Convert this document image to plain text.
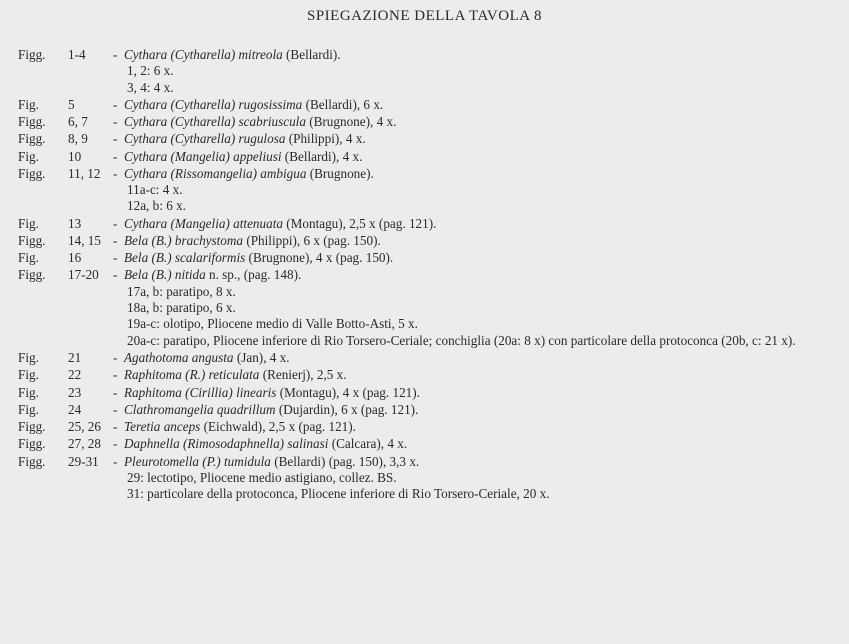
SPIEGAZIONE DELLA TAVOLA 8
Figg. 1-4 - Cythara (Cytharella) mitreola (Bellardi).
1, 2: 6 x.
3, 4: 4 x.
Fig. 5	- Cythara (Cytharella) rugosissima (Bellardi), 6 x.
Figg. 6, 7 - Cythara (Cytharella) scabriuscula (Brugnone), 4 x.
Figg. 8, 9 - Cythara (Cytharella) rugulosa (Philippi), 4 x.
Fig. 10 - Cythara (Mangelia) appeliusi (Bellardi), 4 x.
Figg. 11, 12 - Cythara (Rissomangelia) ambigua (Brugnone).
11a-c: 4 x.
12a, b: 6 x.
Fig. 13 - Cythara (Mangelia) attenuata (Montagu), 2,5 x (pag. 121).
Figg. 14, 15 - Bela (B.) brachystoma (Philippi), 6 x (pag. 150).
Fig. 16 - Bela (B.) scalariformis (Brugnone), 4 x (pag. 150).
Figg. 17-20 - Bela (B.) nitida n. sp., (pag. 148).
17a, b: paratipo, 8 x.
18a, b: paratipo, 6 x.
19a-c: olotipo, Pliocene medio di Valle Botto-Asti, 5 x.
20a-c: paratipo, Pliocene inferiore di Rio Torsero-Ceriale; conchiglia (20a: 8 x) con particolare della protoconca (20b, c: 21 x).
Fig. 21 - Agathotoma angusta (Jan), 4 x.
Fig. 22 - Raphitoma (R.) reticulata (Renierj), 2,5 x.
Fig. 23 - Raphitoma (Cirillia) linearis (Montagu), 4 x (pag. 121).
Fig. 24 - Clathromangelia quadrillum (Dujardin), 6 x (pag. 121).
Figg. 25, 26 - Teretia anceps (Eichwald), 2,5 x (pag. 121).
Figg. 27, 28 - Daphnella (Rimosodaphnella) salinasi (Calcara), 4 x.
Figg. 29-31 - Pleurotomella (P.) tumidula (Bellardi) (pag. 150), 3,3 x.
29: lectotipo, Pliocene medio astigiano, collez. BS.
31: particolare della protoconca, Pliocene inferiore di Rio Torsero-Ceriale, 20 x.
